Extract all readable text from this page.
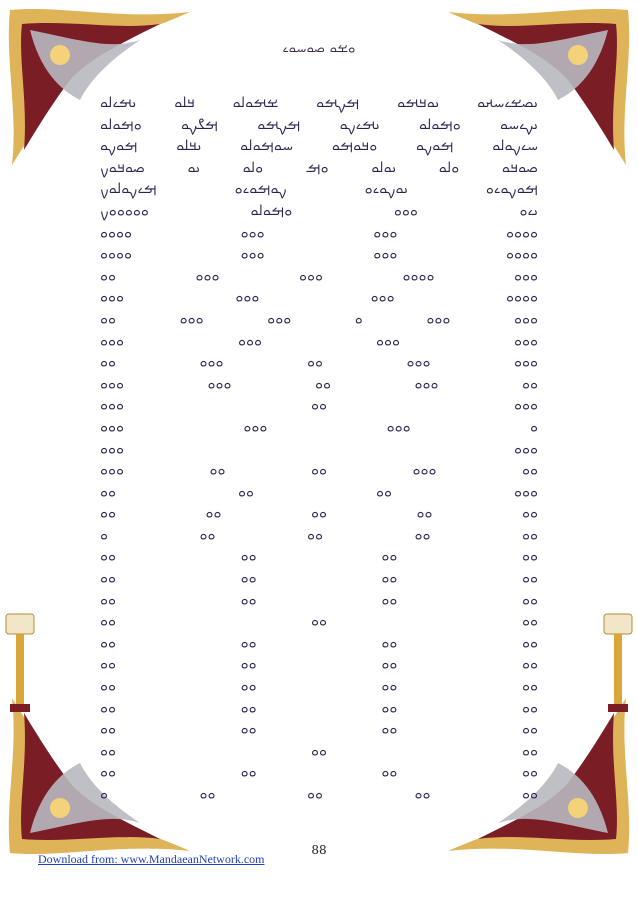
ࡀࡁࡀ ࡎࡀࡄࡀࡉ
ࡅࡎࡁࡉࡄࡕࡀ ࡅࡀࡃࡌࡀ ࡌࡍࡌࡀ ࡁࡌࡀࡋࡀ ࡃࡋࡀ ࡅࡌࡉࡋࡀ
ࡅࡍࡉࡄࡀ ࡀࡌࡀࡋࡀ ࡅࡌࡉࡍࡀ ࡌࡍࡌࡀ ࡌࡂࡍࡀ ࡀࡌࡀࡋࡀ
ࡄࡉࡍࡀࡋࡀ ࡌࡀࡍࡀ ࡀࡃࡀࡌࡀ ࡄࡀࡌࡀࡋࡀ ࡅࡃࡋࡀ ࡌࡀࡍࡀ
ࡎࡀࡃࡀ ࡀࡋࡀ ࡅࡀࡋࡀ ࡀࡌ ࡀࡋࡀ ࡅࡀ ࡎࡀࡃࡀࡍ
ࡌࡀࡍࡀࡉࡀ ࡅࡀࡍࡀࡉࡀ ࡍࡀࡌࡀࡉࡀ ࡌࡉࡍࡀࡋࡀࡍ
ࡅࡉࡀ ࡀࡀࡀ ࡀࡌࡀࡋࡀ ࡀࡀࡀࡀࡀࡍ
ࡀࡀࡀࡀ ࡀࡀࡀ ࡀࡀࡀ ࡀࡀࡀࡀ
ࡀࡀࡀࡀ ࡀࡀࡀ ࡀࡀࡀ ࡀࡀࡀࡀ
ࡀࡀࡀ ࡀࡀࡀࡀ ࡀࡀࡀ ࡀࡀࡀ ࡀࡀ
ࡀࡀࡀࡀ ࡀࡀࡀ ࡀࡀࡀ ࡀࡀࡀ
ࡀࡀࡀ ࡀࡀࡀ ࡀ ࡀࡀࡀ ࡀࡀࡀ ࡀࡀ
ࡀࡀࡀ ࡀࡀࡀ ࡀࡀࡀ ࡀࡀࡀ
ࡀࡀࡀ ࡀࡀࡀ ࡀࡀ ࡀࡀࡀ ࡀࡀ
ࡀࡀ ࡀࡀࡀ ࡀࡀ ࡀࡀࡀ ࡀࡀࡀ
ࡀࡀࡀ ࡀࡀ ࡀࡀࡀ
ࡀ ࡀࡀࡀ ࡀࡀࡀ ࡀࡀࡀ
ࡀࡀࡀ ࡀࡀࡀ
ࡀࡀ ࡀࡀࡀ ࡀࡀ ࡀࡀ ࡀࡀࡀ
ࡀࡀࡀ ࡀࡀ ࡀࡀ ࡀࡀ
ࡀࡀ ࡀࡀ ࡀࡀ ࡀࡀ ࡀࡀ
ࡀࡀ ࡀࡀ ࡀࡀ ࡀࡀ ࡀ
ࡀࡀ ࡀࡀ ࡀࡀ ࡀࡀ
ࡀࡀ ࡀࡀ ࡀࡀ ࡀࡀ
ࡀࡀ ࡀࡀ ࡀࡀ ࡀࡀ
ࡀࡀ ࡀࡀ ࡀࡀ
ࡀࡀ ࡀࡀ ࡀࡀ ࡀࡀ
ࡀࡀ ࡀࡀ ࡀࡀ ࡀࡀ
ࡀࡀ ࡀࡀ ࡀࡀ ࡀࡀ
ࡀࡀ ࡀࡀ ࡀࡀ ࡀࡀ
ࡀࡀ ࡀࡀ ࡀࡀ ࡀࡀ
ࡀࡀ ࡀࡀ ࡀࡀ
ࡀࡀ ࡀࡀ ࡀࡀ ࡀࡀ
ࡀࡀ ࡀࡀ ࡀࡀ ࡀࡀ ࡀ
88
Download from: www.MandaeanNetwork.com
